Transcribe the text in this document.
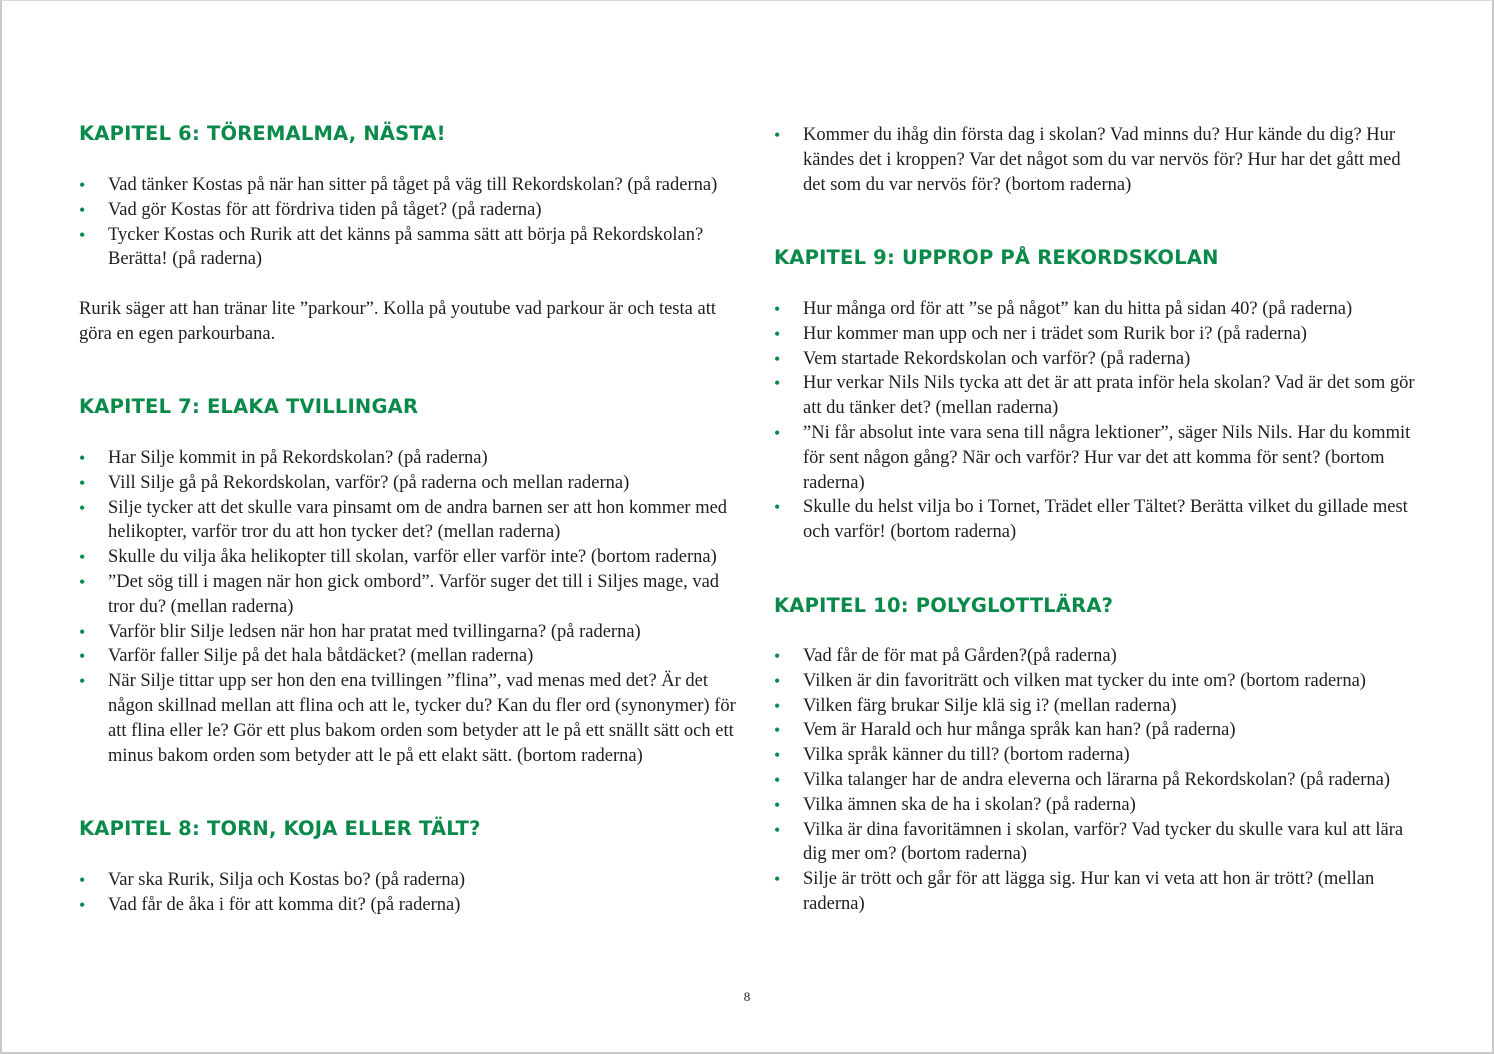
KAPITEL 6: TÖREMALMA, NÄSTA!
• Vad tänker Kostas på när han sitter på tåget på väg till Rekordskolan? (på raderna)
• Vad gör Kostas för att fördriva tiden på tåget? (på raderna)
• Tycker Kostas och Rurik att det känns på samma sätt att börja på Rekordskolan? Berätta! (på raderna)

Rurik säger att han tränar lite ”parkour”. Kolla på youtube vad parkour är och testa att göra en egen parkourbana.

KAPITEL 7: ELAKA TVILLINGAR
• Har Silje kommit in på Rekordskolan? (på raderna)
• Vill Silje gå på Rekordskolan, varför? (på raderna och mellan raderna)
• Silje tycker att det skulle vara pinsamt om de andra barnen ser att hon kommer med helikopter, varför tror du att hon tycker det? (mellan raderna)
• Skulle du vilja åka helikopter till skolan, varför eller varför inte? (bortom raderna)
• ”Det sög till i magen när hon gick ombord”. Varför suger det till i Siljes mage, vad tror du? (mellan raderna)
• Varför blir Silje ledsen när hon har pratat med tvillingarna? (på raderna)
• Varför faller Silje på det hala båtdäcket? (mellan raderna)
• När Silje tittar upp ser hon den ena tvillingen ”flina”, vad menas med det? Är det någon skillnad mellan att flina och att le, tycker du? Kan du fler ord (synonymer) för att flina eller le? Gör ett plus bakom orden som betyder att le på ett snällt sätt och ett minus bakom orden som betyder att le på ett elakt sätt. (bortom raderna)
KAPITEL 8: TORN, KOJA ELLER TÄLT?
• Var ska Rurik, Silja och Kostas bo? (på raderna)
• Vad får de åka i för att komma dit? (på raderna)
• Kommer du ihåg din första dag i skolan? Vad minns du? Hur kände du dig? Hur kändes det i kroppen? Var det något som du var nervös för? Hur har det gått med det som du var nervös för? (bortom raderna)
KAPITEL 9: UPPROP PÅ REKORDSKOLAN
• Hur många ord för att ”se på något” kan du hitta på sidan 40? (på raderna)
• Hur kommer man upp och ner i trädet som Rurik bor i? (på raderna)
• Vem startade Rekordskolan och varför? (på raderna)
• Hur verkar Nils Nils tycka att det är att prata inför hela skolan? Vad är det som gör att du tänker det? (mellan raderna)
• ”Ni får absolut inte vara sena till några lektioner”, säger Nils Nils. Har du kommit för sent någon gång? När och varför? Hur var det att komma för sent? (bortom raderna)
• Skulle du helst vilja bo i Tornet, Trädet eller Tältet? Berätta vilket du gillade mest och varför! (bortom raderna)
KAPITEL 10: POLYGLOTTLÄRA?
• Vad får de för mat på Gården?(på raderna)
• Vilken är din favoriträtt och vilken mat tycker du inte om? (bortom raderna)
• Vilken färg brukar Silje klä sig i? (mellan raderna)
• Vem är Harald och hur många språk kan han? (på raderna)
• Vilka språk känner du till? (bortom raderna)
• Vilka talanger har de andra eleverna och lärarna på Rekordskolan? (på raderna)
• Vilka ämnen ska de ha i skolan? (på raderna)
• Vilka är dina favoritämnen i skolan, varför? Vad tycker du skulle vara kul att lära dig mer om? (bortom raderna)
• Silje är trött och går för att lägga sig. Hur kan vi veta att hon är trött? (mellan raderna)
8
